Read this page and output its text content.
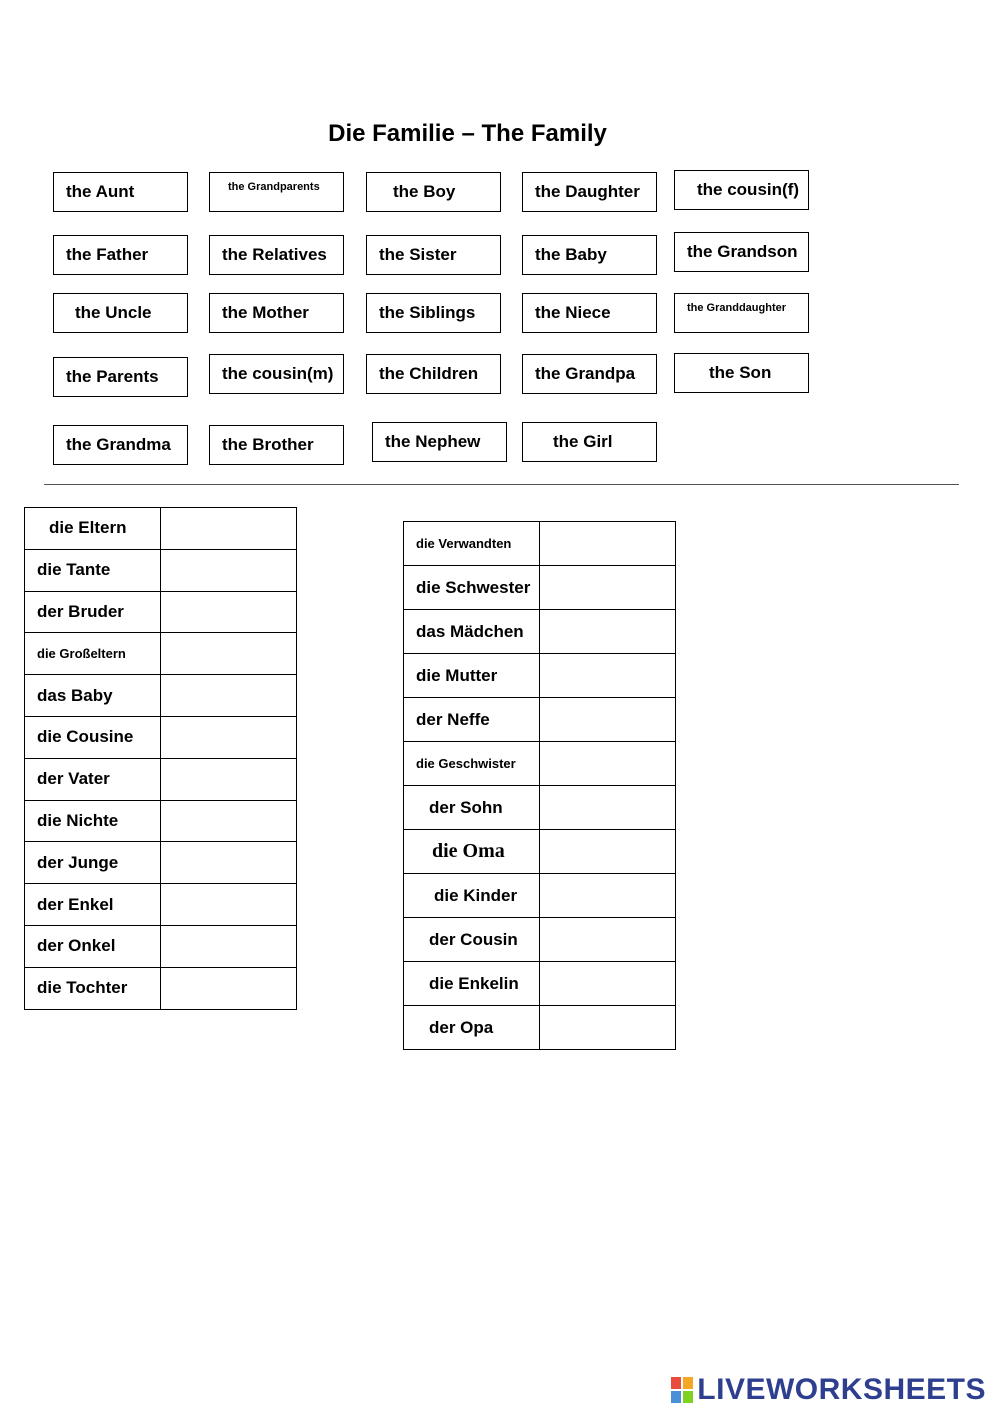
Die Familie – The Family
the Aunt	the Grandparents	the Boy	the Daughter	the cousin(f)
the Father	the Relatives	the Sister	the Baby	the Grandson
the Uncle	the Mother	the Siblings	the Niece	the Granddaughter
the Parents	the cousin(m)	the Children	the Grandpa	the Son
the Grandma	the Brother	the Nephew	the Girl
die Eltern	

die Tante	

der Bruder	

die Großeltern	

das Baby	

die Cousine	

der Vater	

die Nichte	

der Junge	

der Enkel	

der Onkel	

die Tochter	
die Verwandten	

die Schwester	

das Mädchen	

die Mutter	

der Neffe	

die Geschwister	

der Sohn	

die Oma	

die Kinder	

der Cousin	

die Enkelin	

der Opa	
LIVEWORKSHEETS
